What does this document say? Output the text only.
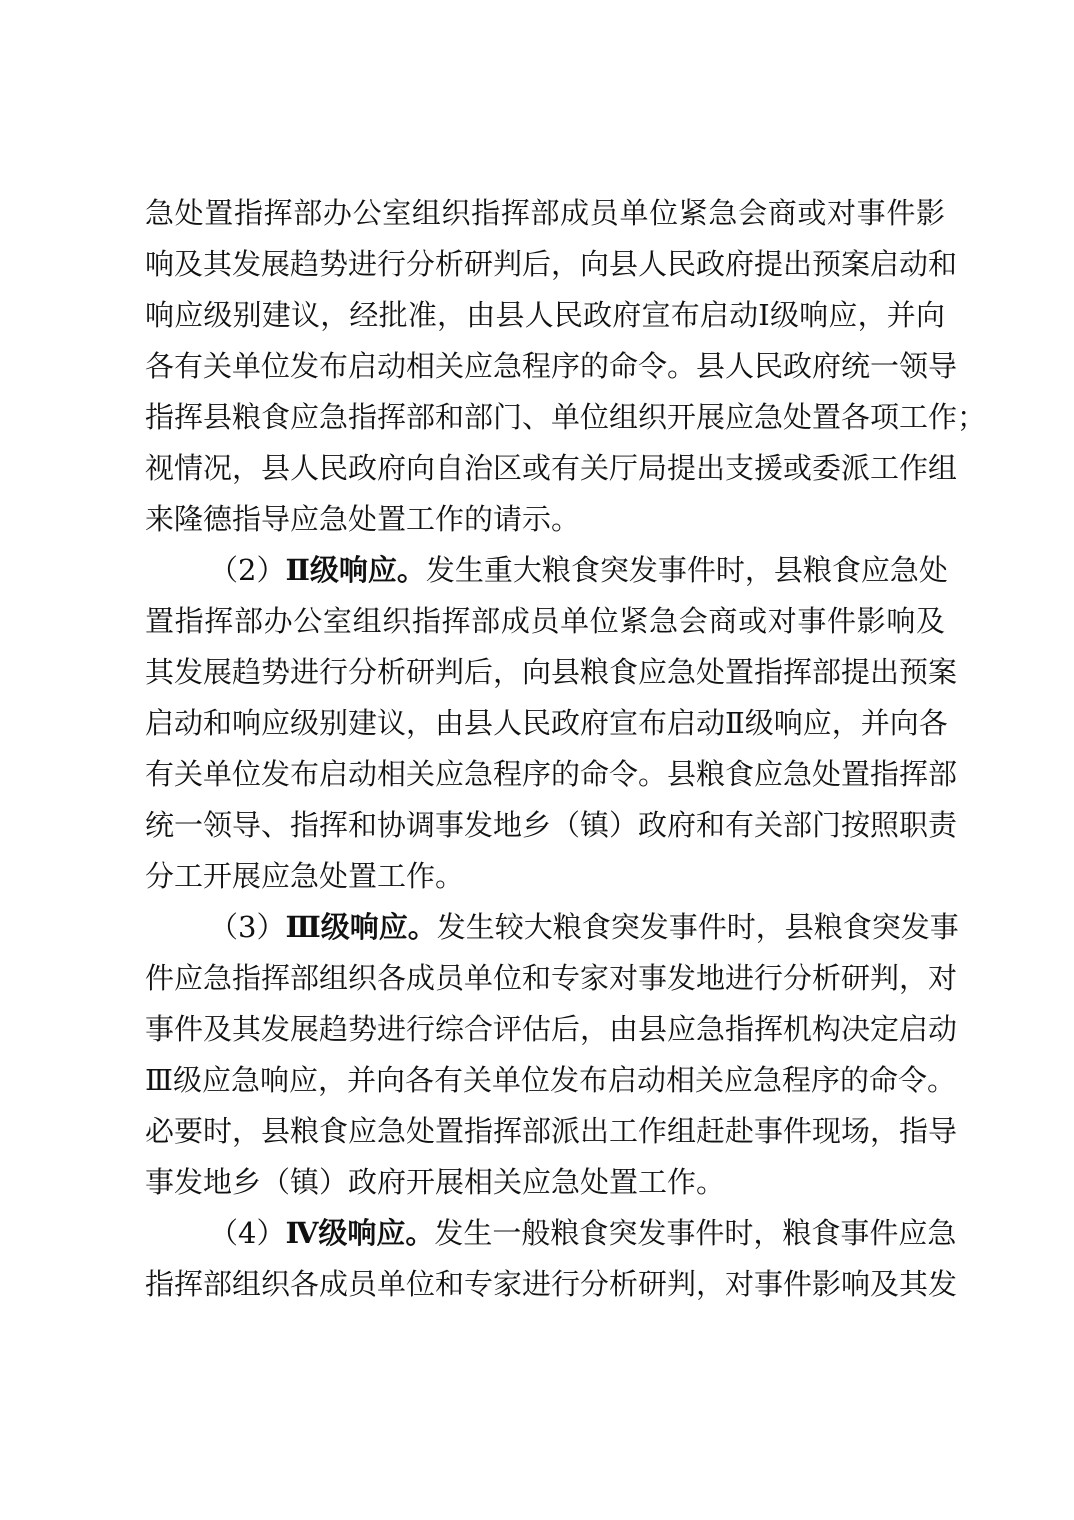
急处置指挥部办公室组织指挥部成员单位紧急会商或对事件影
响及其发展趋势进行分析研判后，向县人民政府提出预案启动和
响应级别建议，经批准，由县人民政府宣布启动Ⅰ级响应，并向
各有关单位发布启动相关应急程序的命令。县人民政府统一领导
指挥县粮食应急指挥部和部门、单位组织开展应急处置各项工作；
视情况，县人民政府向自治区或有关厅局提出支援或委派工作组
来隆德指导应急处置工作的请示。
（2）Ⅱ级响应。发生重大粮食突发事件时，县粮食应急处
置指挥部办公室组织指挥部成员单位紧急会商或对事件影响及
其发展趋势进行分析研判后，向县粮食应急处置指挥部提出预案
启动和响应级别建议，由县人民政府宣布启动Ⅱ级响应，并向各
有关单位发布启动相关应急程序的命令。县粮食应急处置指挥部
统一领导、指挥和协调事发地乡（镇）政府和有关部门按照职责
分工开展应急处置工作。
（3）Ⅲ级响应。发生较大粮食突发事件时，县粮食突发事
件应急指挥部组织各成员单位和专家对事发地进行分析研判，对
事件及其发展趋势进行综合评估后，由县应急指挥机构决定启动
Ⅲ级应急响应，并向各有关单位发布启动相关应急程序的命令。
必要时，县粮食应急处置指挥部派出工作组赶赴事件现场，指导
事发地乡（镇）政府开展相关应急处置工作。
（4）Ⅳ级响应。发生一般粮食突发事件时，粮食事件应急
指挥部组织各成员单位和专家进行分析研判，对事件影响及其发
